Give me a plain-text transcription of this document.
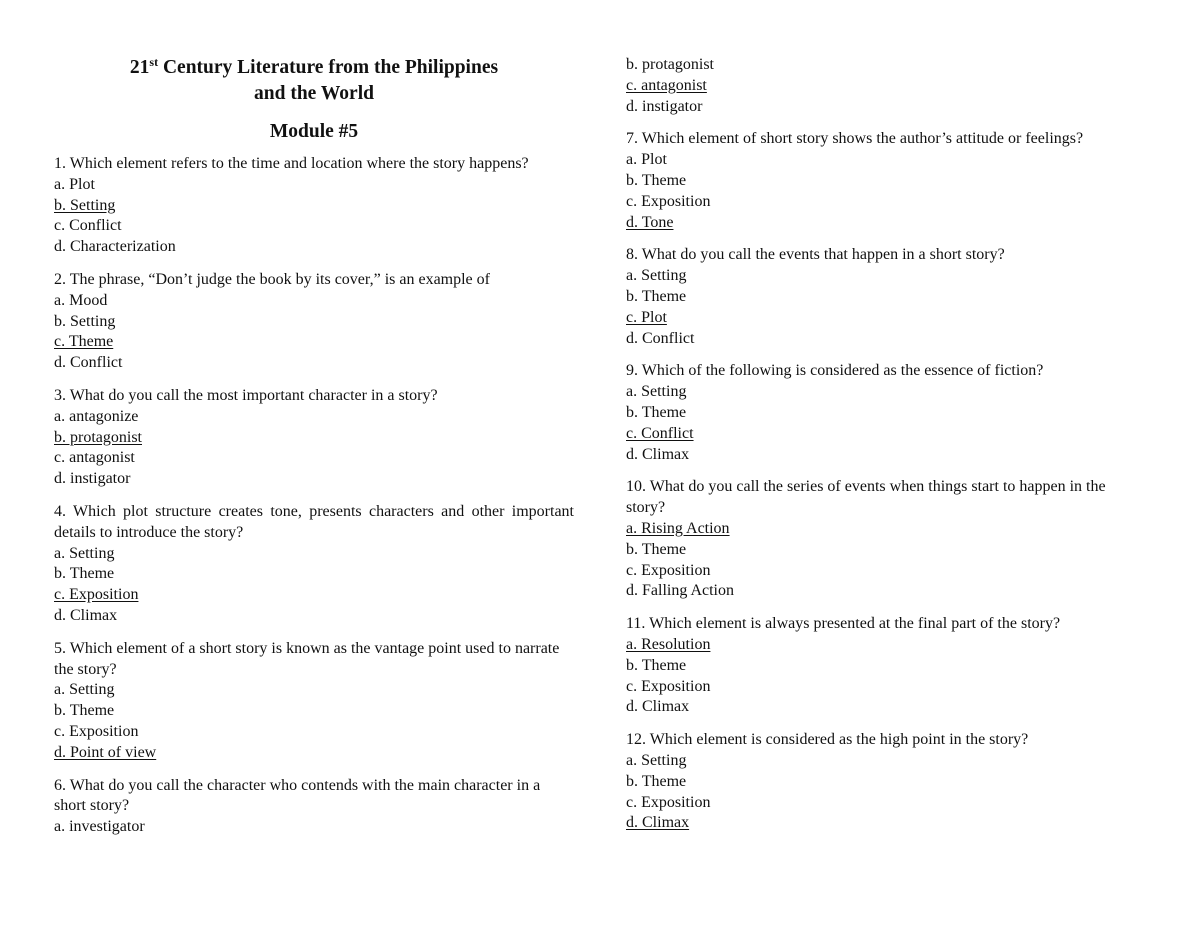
21st Century Literature from the Philippines
and the World
Module #5

1. Which element refers to the time and location where the story happens?

a. Plot
b. Setting
c. Conflict
d. Characterization

2. The phrase, “Don’t judge the book by its cover,” is an example of

a. Mood
b. Setting
c. Theme
d. Conflict

3. What do you call the most important character in a story?

a. antagonize
b. protagonist
c. antagonist
d. instigator

4. Which plot structure creates tone, presents characters and other important details to introduce the story?

a. Setting
b. Theme
c. Exposition
d. Climax

5. Which element of a short story is known as the vantage point used to narrate the story?

a. Setting
b. Theme
c. Exposition
d. Point of view

6. What do you call the character who contends with the main character in a short story?

a. investigator
b. protagonist
c. antagonist
d. instigator

7. Which element of short story shows the author’s attitude or feelings?

a. Plot
b. Theme
c. Exposition
d. Tone

8. What do you call the events that happen in a short story?

a. Setting
b. Theme
c. Plot
d. Conflict

9. Which of the following is considered as the essence of fiction?

a. Setting
b. Theme
c. Conflict
d. Climax

10. What do you call the series of events when things start to happen in the story?

a. Rising Action
b. Theme
c. Exposition
d. Falling Action

11. Which element is always presented at the final part of the story?

a. Resolution
b. Theme
c. Exposition
d. Climax

12. Which element is considered as the high point in the story?

a. Setting
b. Theme
c. Exposition
d. Climax
